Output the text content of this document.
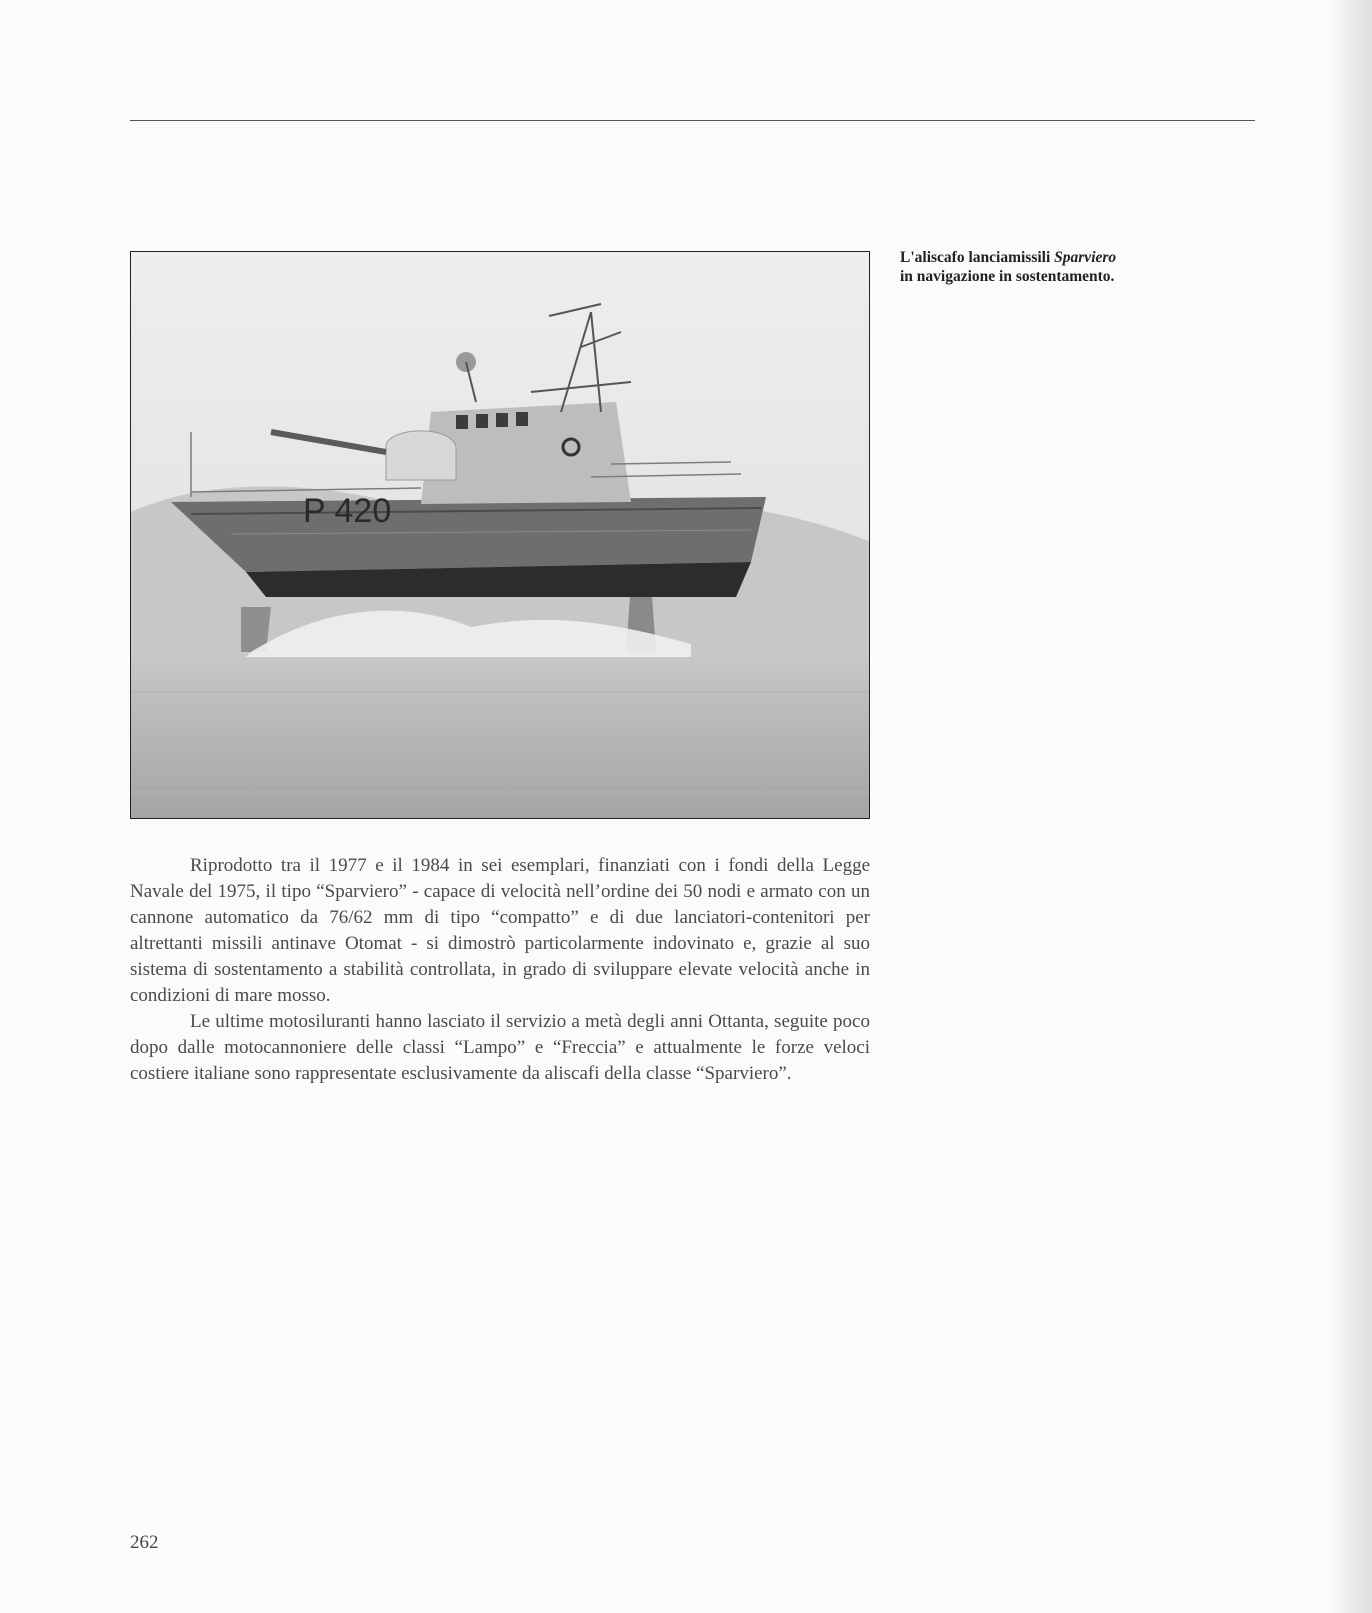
P 420
L'aliscafo lanciamissili Sparviero
in navigazione in sostentamento.

Riprodotto tra il 1977 e il 1984 in sei esemplari, finanziati con i fondi della Legge Navale del 1975, il tipo “Sparviero” - capace di velocità nell’ordine dei 50 nodi e armato con un cannone automatico da 76/62 mm di tipo “compatto” e di due lanciatori-contenitori per altrettanti missili antinave Otomat - si dimostrò particolarmente indovinato e, grazie al suo sistema di sostentamento a stabilità controllata, in grado di sviluppare elevate velocità anche in condizioni di mare mosso.

Le ultime motosiluranti hanno lasciato il servizio a metà degli anni Ottanta, seguite poco dopo dalle motocannoniere delle classi “Lampo” e “Freccia” e attualmente le forze veloci costiere italiane sono rappresentate esclusivamente da aliscafi della classe “Sparviero”.

262
